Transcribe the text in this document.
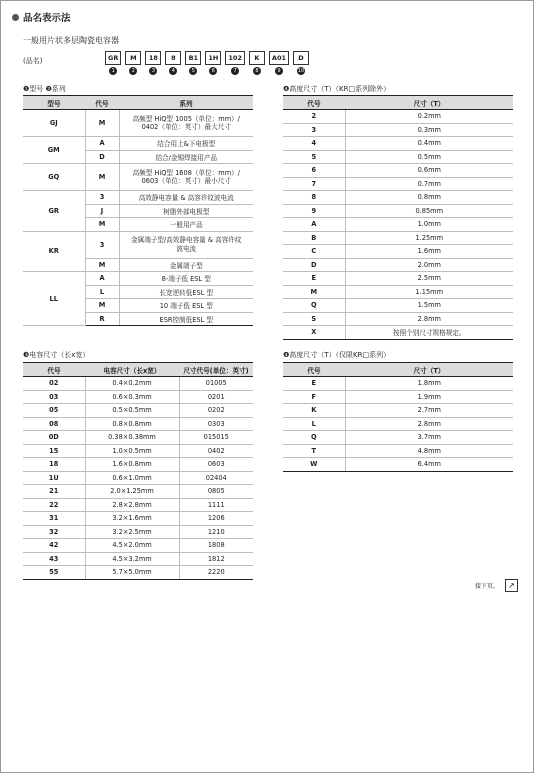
品名表示法
一般用片状多层陶瓷电容器
(品名)	GR
1
M
2
18
3
8
4
B1
5
1H
6
102
7
K
8
A01
9
D
10
❶型号 ❷系列
型号	代号	系列
GJ	M	高频型 HiQ型 1005（单位：mm）/ 0402（单位：英寸）最大尺寸
GM	A	结合用上&下电极型
	D	结合/金锡焊接用产品
GQ	M	高频型 HiQ型 1608（单位：mm）/ 0603（单位：英寸）最小尺寸
GR	3	高效静电容量 & 高容许纹波电流
	J	树脂外部电极型
	M	一般用产品
KR	3	金属端子型/高效静电容量 & 高容许纹波电流
	M	金属端子型
LL	A	8-端子低 ESL 型
	L	长宽逆转低ESL 型
	M	10 端子低 ESL 型
	R	ESR控制低ESL 型
❸电容尺寸（长x宽）
代号	电容尺寸（长x宽）	尺寸代号(单位：英寸)
02	0.4×0.2mm	01005
03	0.6×0.3mm	0201
05	0.5×0.5mm	0202
08	0.8×0.8mm	0303
0D	0.38×0.38mm	015015
15	1.0×0.5mm	0402
18	1.6×0.8mm	0603
1U	0.6×1.0mm	02404
21	2.0×1.25mm	0805
22	2.8×2.8mm	1111
31	3.2×1.6mm	1206
32	3.2×2.5mm	1210
42	4.5×2.0mm	1808
43	4.5×3.2mm	1812
55	5.7×5.0mm	2220
❹高度尺寸（T）（KR□系列除外）
代号	尺寸（T）
2	0.2mm
3	0.3mm
4	0.4mm
5	0.5mm
6	0.6mm
7	0.7mm
8	0.8mm
9	0.85mm
A	1.0mm
B	1.25mm
C	1.6mm
D	2.0mm
E	2.5mm
M	1.15mm
Q	1.5mm
S	2.8mm
X	按照个别尺寸规格规定。
❹高度尺寸（T）（仅限KR□系列）
代号	尺寸（T）
E	1.8mm
F	1.9mm
K	2.7mm
L	2.8mm
Q	3.7mm
T	4.8mm
W	6.4mm
接下页。	↗
